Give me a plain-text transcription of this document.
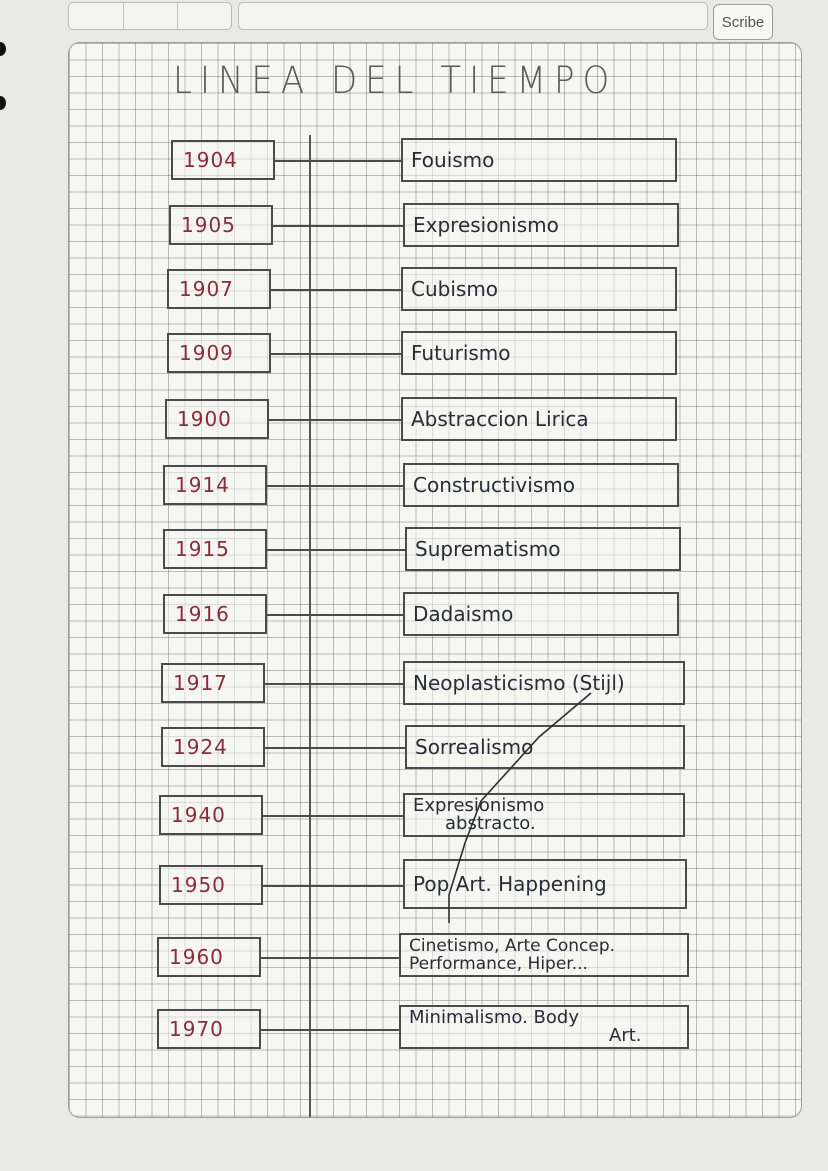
Scribe
LINEA DEL TIEMPO
1904	Fouismo
1905	Expresionismo
1907	Cubismo
1909	Futurismo
1900	Abstraccion Lirica
1914	Constructivismo
1915	Suprematismo
1916	Dadaismo
1917	Neoplasticismo (Stijl)
1924	Sorrealismo
1940	Expresionismo
abstracto.
1950	Pop Art. Happening
1960	Cinetismo, Arte Concep.
Performance, Hiper...
1970	Minimalismo. Body
Art.
